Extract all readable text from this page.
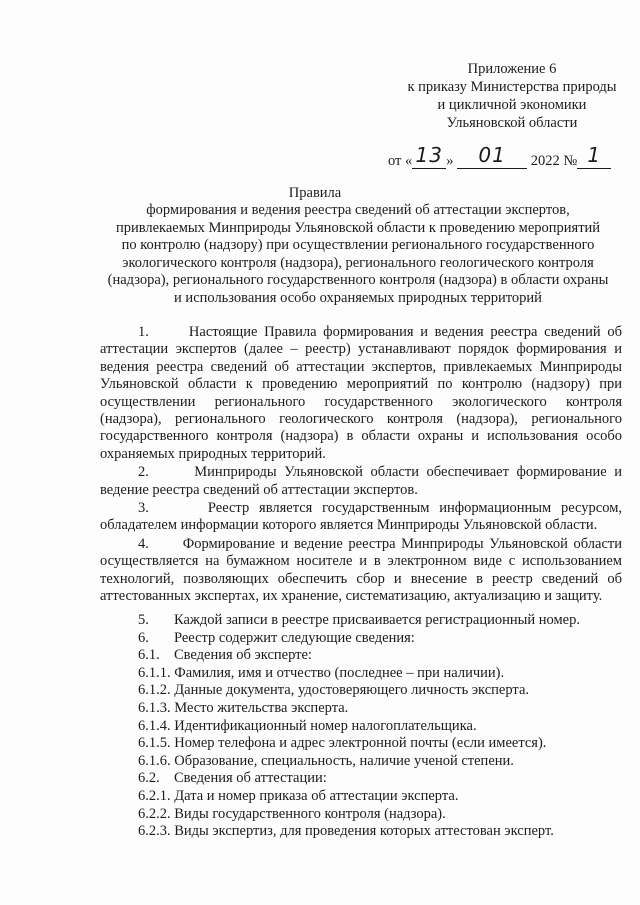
Приложение 6
к приказу Министерства природы
и цикличной экономики
Ульяновской области
от « 13 » 01 2022 № 1
Правила
формирования и ведения реестра сведений об аттестации экспертов,
привлекаемых Минприроды Ульяновской области к проведению мероприятий
по контролю (надзору) при осуществлении регионального государственного
экологического контроля (надзора), регионального геологического контроля
(надзора), регионального государственного контроля (надзора) в области охраны
и использования особо охраняемых природных территорий

1.      Настоящие Правила формирования и ведения реестра сведений об аттестации экспертов (далее – реестр) устанавливают порядок формирования и ведения реестра сведений об аттестации экспертов, привлекаемых Минприроды Ульяновской области к проведению мероприятий по контролю (надзору) при осуществлении регионального государственного экологического контроля (надзора), регионального геологического контроля (надзора), регионального государственного контроля (надзора) в области охраны и использования особо охраняемых природных территорий.

2.      Минприроды Ульяновской области обеспечивает формирование и ведение реестра сведений об аттестации экспертов.

3.      Реестр является государственным информационным ресурсом, обладателем информации которого является Минприроды Ульяновской области.

4.      Формирование и ведение реестра Минприроды Ульяновской области осуществляется на бумажном носителе и в электронном виде с использованием технологий, позволяющих обеспечить сбор и внесение в реестр сведений об аттестованных экспертах, их хранение, систематизацию, актуализацию и защиту.

5. Каждой записи в реестре присваивается регистрационный номер.
6. Реестр содержит следующие сведения:
6.1. Сведения об эксперте:
6.1.1. Фамилия, имя и отчество (последнее – при наличии).
6.1.2. Данные документа, удостоверяющего личность эксперта.
6.1.3. Место жительства эксперта.
6.1.4. Идентификационный номер налогоплательщика.
6.1.5. Номер телефона и адрес электронной почты (если имеется).
6.1.6. Образование, специальность, наличие ученой степени.
6.2. Сведения об аттестации:
6.2.1. Дата и номер приказа об аттестации эксперта.
6.2.2. Виды государственного контроля (надзора).
6.2.3. Виды экспертиз, для проведения которых аттестован эксперт.
